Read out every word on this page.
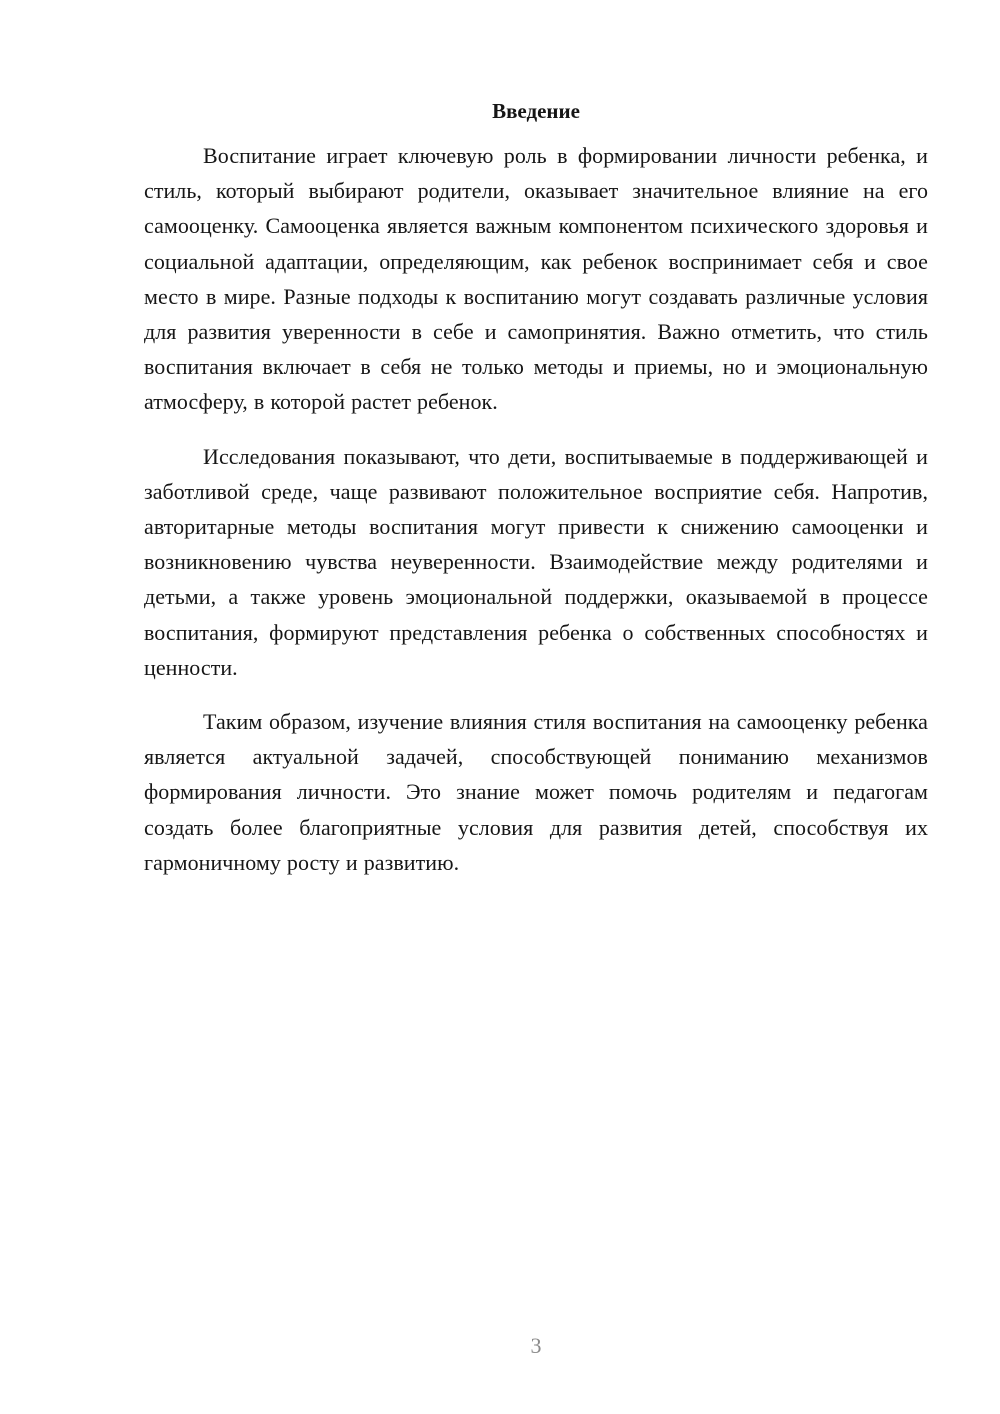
Введение

Воспитание играет ключевую роль в формировании личности ребенка, и стиль, который выбирают родители, оказывает значительное влияние на его самооценку. Самооценка является важным компонентом психического здоровья и социальной адаптации, определяющим, как ребенок воспринимает себя и свое место в мире. Разные подходы к воспитанию могут создавать различные условия для развития уверенности в себе и самопринятия. Важно отметить, что стиль воспитания включает в себя не только методы и приемы, но и эмоциональную атмосферу, в которой растет ребенок.

Исследования показывают, что дети, воспитываемые в поддерживающей и заботливой среде, чаще развивают положительное восприятие себя. Напротив, авторитарные методы воспитания могут привести к снижению самооценки и возникновению чувства неуверенности. Взаимодействие между родителями и детьми, а также уровень эмоциональной поддержки, оказываемой в процессе воспитания, формируют представления ребенка о собственных способностях и ценности.

Таким образом, изучение влияния стиля воспитания на самооценку ребенка является актуальной задачей, способствующей пониманию механизмов формирования личности. Это знание может помочь родителям и педагогам создать более благоприятные условия для развития детей, способствуя их гармоничному росту и развитию.

3
